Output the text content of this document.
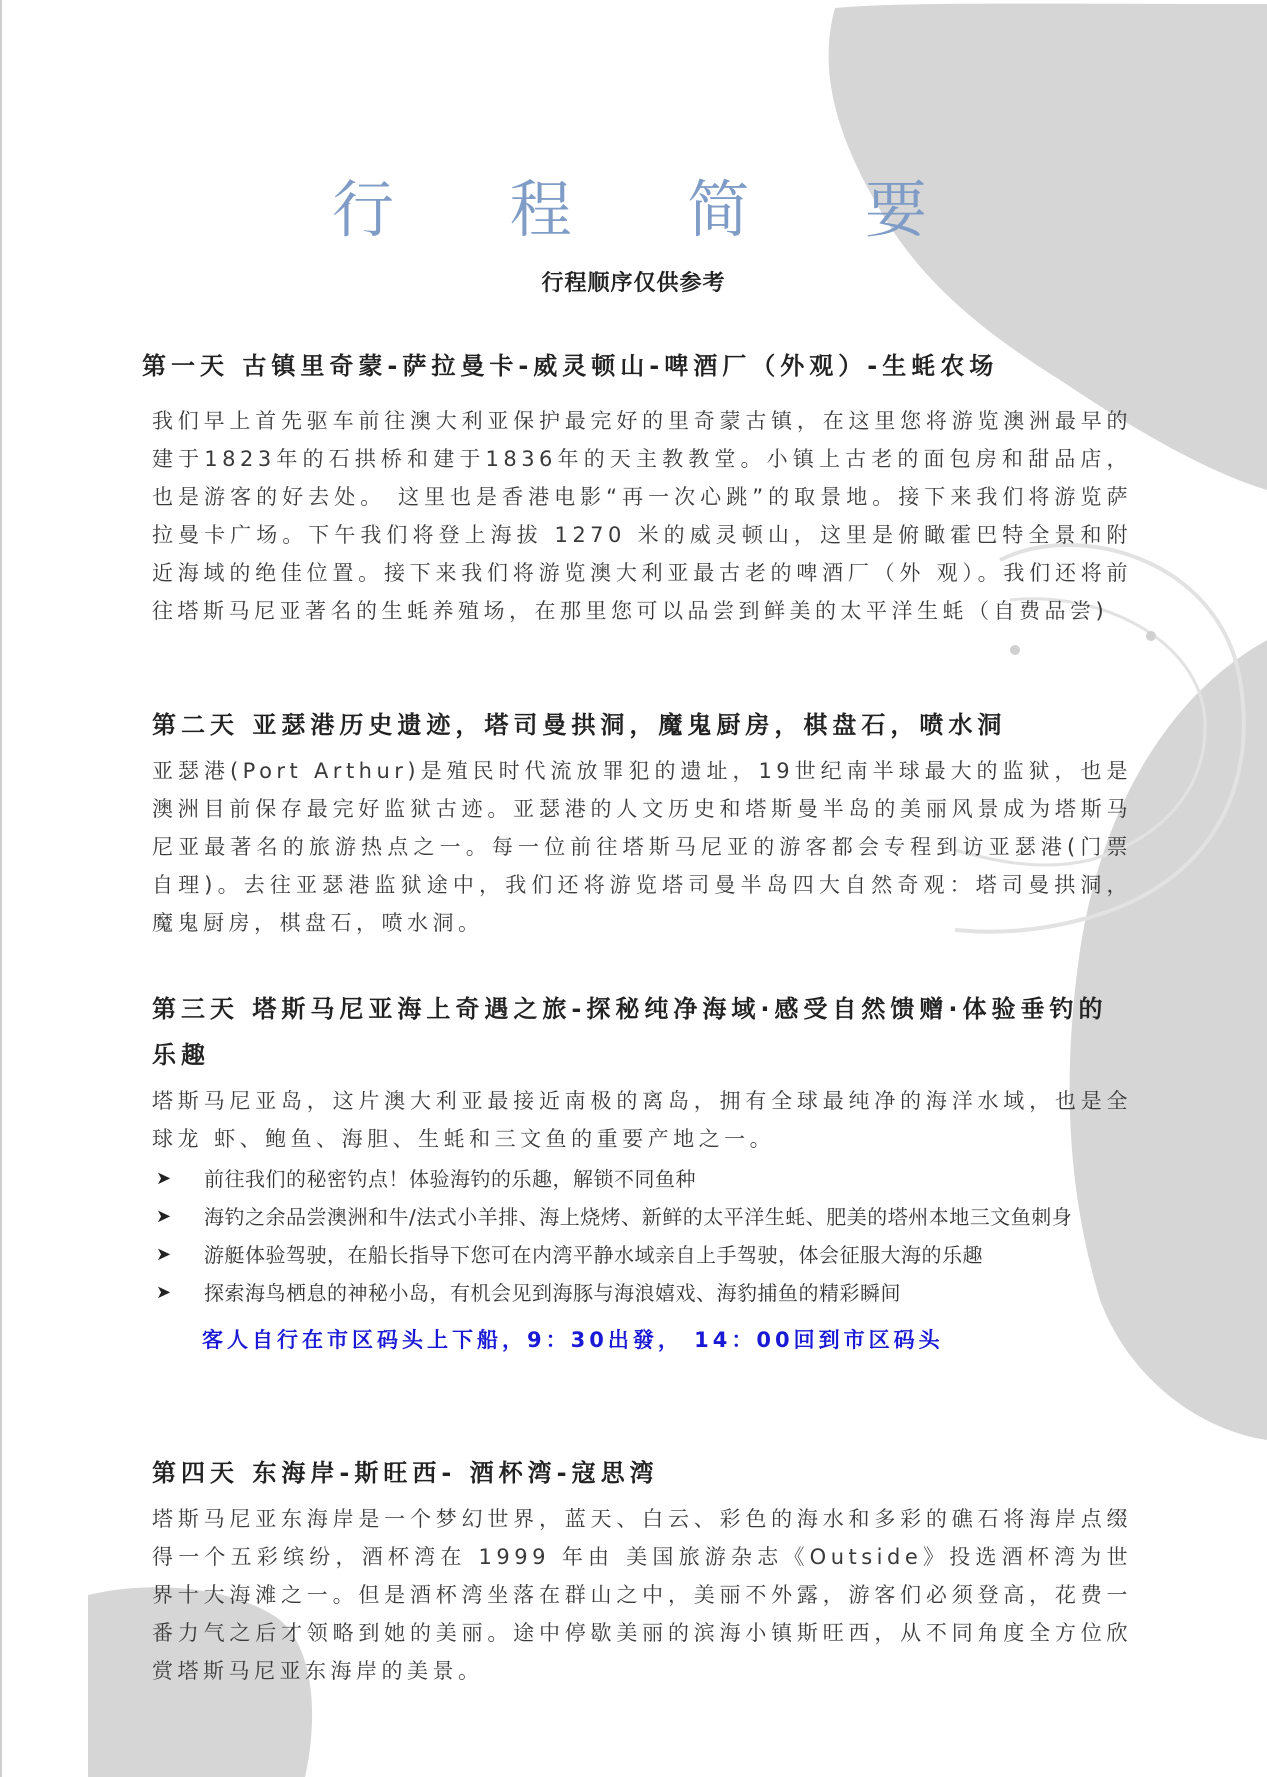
行 程 简 要
行程顺序仅供参考
第一天 古镇里奇蒙-萨拉曼卡-威灵顿山-啤酒厂（外观）-生蚝农场

我们早上首先驱车前往澳大利亚保护最完好的里奇蒙古镇，在这里您将游览澳洲最早的建于1823年的石拱桥和建于1836年的天主教教堂。小镇上古老的面包房和甜品店，也是游客的好去处。 这里也是香港电影“再一次心跳”的取景地。接下来我们将游览萨拉曼卡广场。下午我们将登上海拔 1270 米的威灵顿山，这里是俯瞰霍巴特全景和附近海域的绝佳位置。接下来我们将游览澳大利亚最古老的啤酒厂（外 观）。我们还将前往塔斯马尼亚著名的生蚝养殖场，在那里您可以品尝到鲜美的太平洋生蚝（自费品尝)

第二天 亚瑟港历史遗迹，塔司曼拱洞，魔鬼厨房，棋盘石，喷水洞

亚瑟港(Port Arthur)是殖民时代流放罪犯的遗址，19世纪南半球最大的监狱，也是澳洲目前保存最完好监狱古迹。亚瑟港的人文历史和塔斯曼半岛的美丽风景成为塔斯马尼亚最著名的旅游热点之一。每一位前往塔斯马尼亚的游客都会专程到访亚瑟港(门票自理)。去往亚瑟港监狱途中，我们还将游览塔司曼半岛四大自然奇观：塔司曼拱洞，魔鬼厨房，棋盘石，喷水洞。

第三天 塔斯马尼亚海上奇遇之旅-探秘纯净海域·感受自然馈赠·体验垂钓的乐趣

塔斯马尼亚岛，这片澳大利亚最接近南极的离岛，拥有全球最纯净的海洋水域，也是全球龙 虾、鲍鱼、海胆、生蚝和三文鱼的重要产地之一。

➤ 前往我们的秘密钓点！体验海钓的乐趣，解锁不同鱼种
➤ 海钓之余品尝澳洲和牛/法式小羊排、海上烧烤、新鲜的太平洋生蚝、肥美的塔州本地三文鱼刺身
➤ 游艇体验驾驶，在船长指导下您可在内湾平静水域亲自上手驾驶，体会征服大海的乐趣
➤ 探索海鸟栖息的神秘小岛，有机会见到海豚与海浪嬉戏、海豹捕鱼的精彩瞬间
客人自行在市区码头上下船，9：30出發， 14：00回到市区码头
第四天 东海岸-斯旺西- 酒杯湾-寇思湾

塔斯马尼亚东海岸是一个梦幻世界，蓝天、白云、彩色的海水和多彩的礁石将海岸点缀得一个五彩缤纷，酒杯湾在 1999 年由 美国旅游杂志《Outside》投选酒杯湾为世界十大海滩之一。但是酒杯湾坐落在群山之中，美丽不外露，游客们必须登高，花费一番力气之后才领略到她的美丽。途中停歇美丽的滨海小镇斯旺西，从不同角度全方位欣赏塔斯马尼亚东海岸的美景。
